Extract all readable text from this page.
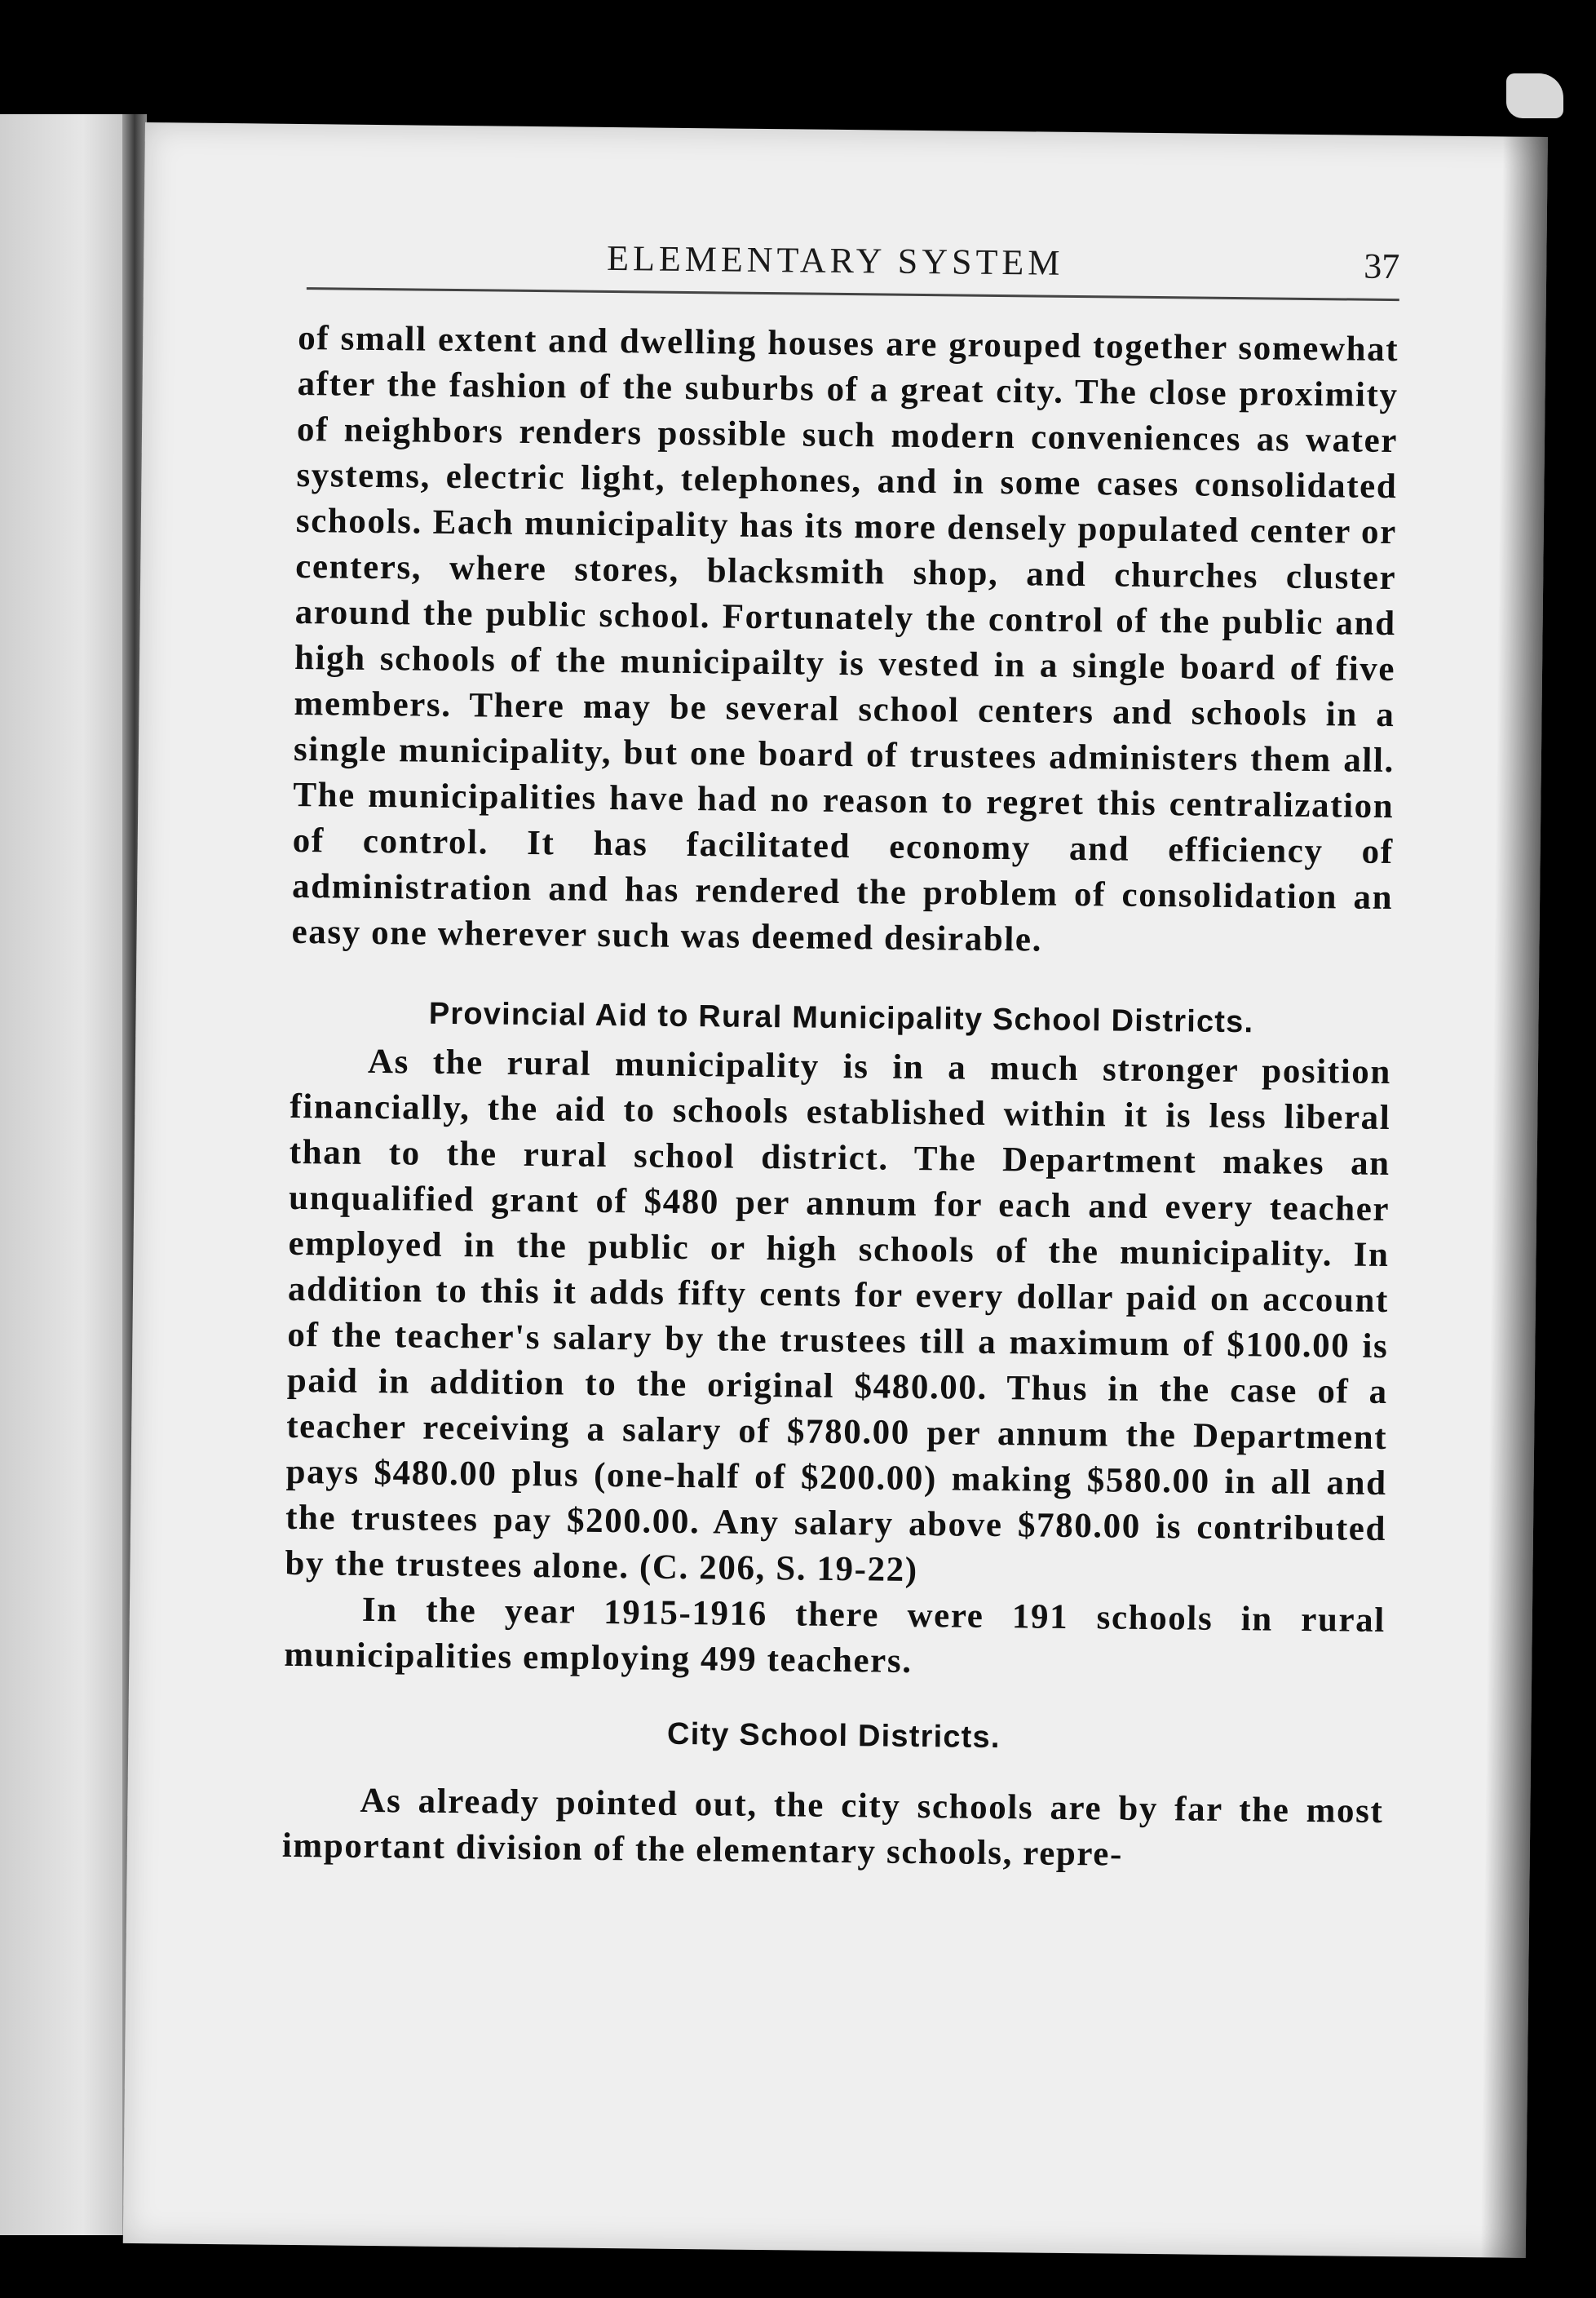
ELEMENTARY SYSTEM	37

of small extent and dwelling houses are grouped together somewhat after the fashion of the suburbs of a great city. The close proximity of neighbors renders possible such modern conveniences as water systems, electric light, telephones, and in some cases consolidated schools. Each municipality has its more densely populated center or centers, where stores, blacksmith shop, and churches cluster around the public school. Fortunately the control of the public and high schools of the municipailty is vested in a single board of five members. There may be several school centers and schools in a single municipality, but one board of trustees administers them all. The municipalities have had no reason to regret this centralization of control. It has facilitated economy and efficiency of administration and has rendered the problem of consolidation an easy one wherever such was deemed desirable.

Provincial Aid to Rural Municipality School Districts.

As the rural municipality is in a much stronger position financially, the aid to schools established within it is less liberal than to the rural school district. The Department makes an unqualified grant of $480 per annum for each and every teacher employed in the public or high schools of the municipality. In addition to this it adds fifty cents for every dollar paid on account of the teacher's salary by the trustees till a maximum of $100.00 is paid in addition to the original $480.00. Thus in the case of a teacher receiving a salary of $780.00 per annum the Department pays $480.00 plus (one-half of $200.00) making $580.00 in all and the trustees pay $200.00. Any salary above $780.00 is contributed by the trustees alone. (C. 206, S. 19-22)

In the year 1915-1916 there were 191 schools in rural municipalities employing 499 teachers.

City School Districts.

As already pointed out, the city schools are by far the most important division of the elementary schools, repre-
